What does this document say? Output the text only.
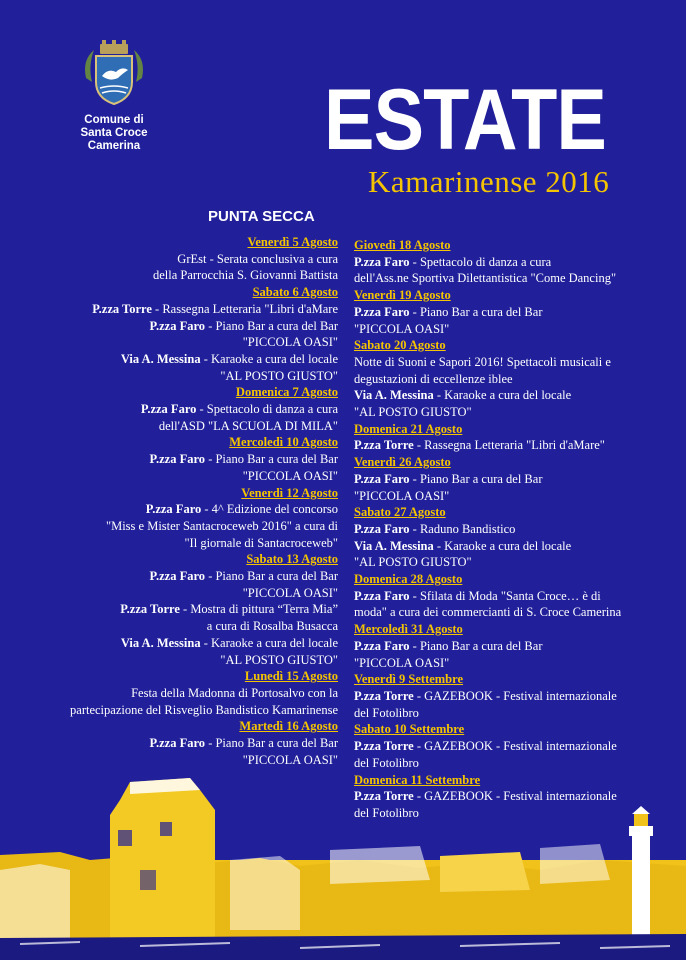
Comune di
Santa Croce
Camerina ESTATE
Kamarinense 2016
PUNTA SECCA
Venerdì 5 Agosto
GrEst - Serata conclusiva a cura
della Parrocchia S. Giovanni Battista
Sabato 6 Agosto
P.zza Torre - Rassegna Letteraria "Libri d'aMare
P.zza Faro - Piano Bar a cura del Bar
"PICCOLA OASI"
Via A. Messina - Karaoke a cura del locale
"AL POSTO GIUSTO"
Domenica 7 Agosto
P.zza Faro - Spettacolo di danza a cura
dell'ASD "LA SCUOLA DI MILA"
Mercoledì 10 Agosto
P.zza Faro - Piano Bar a cura del Bar
"PICCOLA OASI"
Venerdì 12 Agosto
P.zza Faro - 4^ Edizione del concorso
"Miss e Mister Santacroceweb 2016" a cura di
"Il giornale di Santacroceweb"
Sabato 13 Agosto
P.zza Faro - Piano Bar a cura del Bar
"PICCOLA OASI"
P.zza Torre - Mostra di pittura “Terra Mia”
a cura di Rosalba Busacca
Via A. Messina - Karaoke a cura del locale
"AL POSTO GIUSTO"
Lunedì 15 Agosto
Festa della Madonna di Portosalvo con la
partecipazione del Risveglio Bandistico Kamarinense
Martedì 16 Agosto
P.zza Faro - Piano Bar a cura del Bar
"PICCOLA OASI"
Giovedì 18 Agosto
P.zza Faro - Spettacolo di danza a cura
dell'Ass.ne Sportiva Dilettantistica "Come Dancing"
Venerdì 19 Agosto
P.zza Faro - Piano Bar a cura del Bar
"PICCOLA OASI"
Sabato 20 Agosto
Notte di Suoni e Sapori 2016! Spettacoli musicali e
degustazioni di eccellenze iblee
Via A. Messina - Karaoke a cura del locale
"AL POSTO GIUSTO"
Domenica 21 Agosto
P.zza Torre - Rassegna Letteraria "Libri d'aMare"
Venerdì 26 Agosto
P.zza Faro - Piano Bar a cura del Bar
"PICCOLA OASI"
Sabato 27 Agosto
P.zza Faro - Raduno Bandistico
Via A. Messina - Karaoke a cura del locale
"AL POSTO GIUSTO"
Domenica 28 Agosto
P.zza Faro - Sfilata di Moda "Santa Croce… è di
moda" a cura dei commercianti di S. Croce Camerina
Mercoledì 31 Agosto
P.zza Faro - Piano Bar a cura del Bar
"PICCOLA OASI"
Venerdì 9 Settembre
P.zza Torre - GAZEBOOK - Festival internazionale
del Fotolibro
Sabato 10 Settembre
P.zza Torre - GAZEBOOK - Festival internazionale
del Fotolibro
Domenica 11 Settembre
P.zza Torre - GAZEBOOK - Festival internazionale
del Fotolibro
